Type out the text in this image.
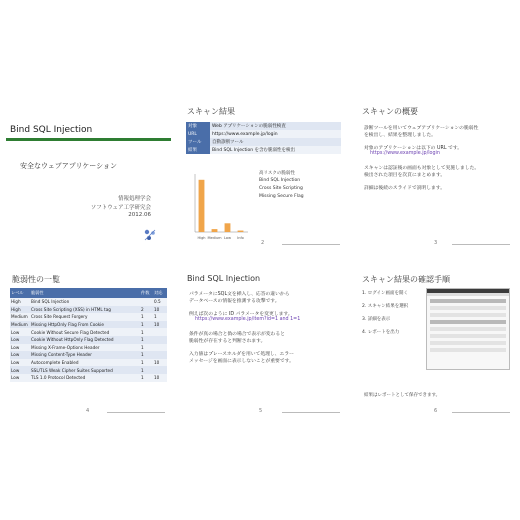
Bind SQL Injection
安全なウェブアプリケーション
情報処理学会
ソフトウェア工学研究会
2012.06
スキャン結果
対象	Web アプリケーションの脆弱性検査
URL	https://www.example.jp/login
ツール	自動診断ツール
結果	Bind SQL Injection を含む脆弱性を検出
High Medium Low Info
高リスクの脆弱性
Bind SQL Injection
Cross Site Scripting
Missing Secure Flag
2
スキャンの概要
診断ツールを用いてウェブアプリケーションの脆弱性
を検出し、結果を整理しました。
対象のアプリケーションは以下の URL です。
https://www.example.jp/login
スキャンは認証後の画面も対象として実施しました。
検出された項目を次頁にまとめます。
詳細は後続のスライドで説明します。
3
脆弱性の一覧
レベル	脆弱性	件数	対応
High	Bind SQL Injection		0.5
High	Cross Site Scripting (XSS) in HTML tag	2	10
Medium	Cross Site Request Forgery	1	1
Medium	Missing HttpOnly Flag From Cookie	1	10
Low	Cookie Without Secure Flag Detected	1	
Low	Cookie Without HttpOnly Flag Detected	1	
Low	Missing X-Frame-Options Header	1	
Low	Missing Content-Type Header	1	
Low	Autocomplete Enabled	1	10
Low	SSL/TLS Weak Cipher Suites Supported	1	
Low	TLS 1.0 Protocol Detected	1	10
4
Bind SQL Injection
パラメータにSQL文を挿入し、応答の違いから
データベースの情報を推測する攻撃です。
例えば次のように ID パラメータを変更します。
https://www.example.jp/item?id=1 and 1=1
条件が真の場合と偽の場合で表示が変わると
脆弱性が存在すると判断されます。
入力値はプレースホルダを用いて処理し、エラー
メッセージを画面に表示しないことが重要です。
5
スキャン結果の確認手順
1. ログイン画面を開く
2. スキャン結果を選択
3. 詳細を表示
4. レポートを出力
結果はレポートとして保存できます。
6
